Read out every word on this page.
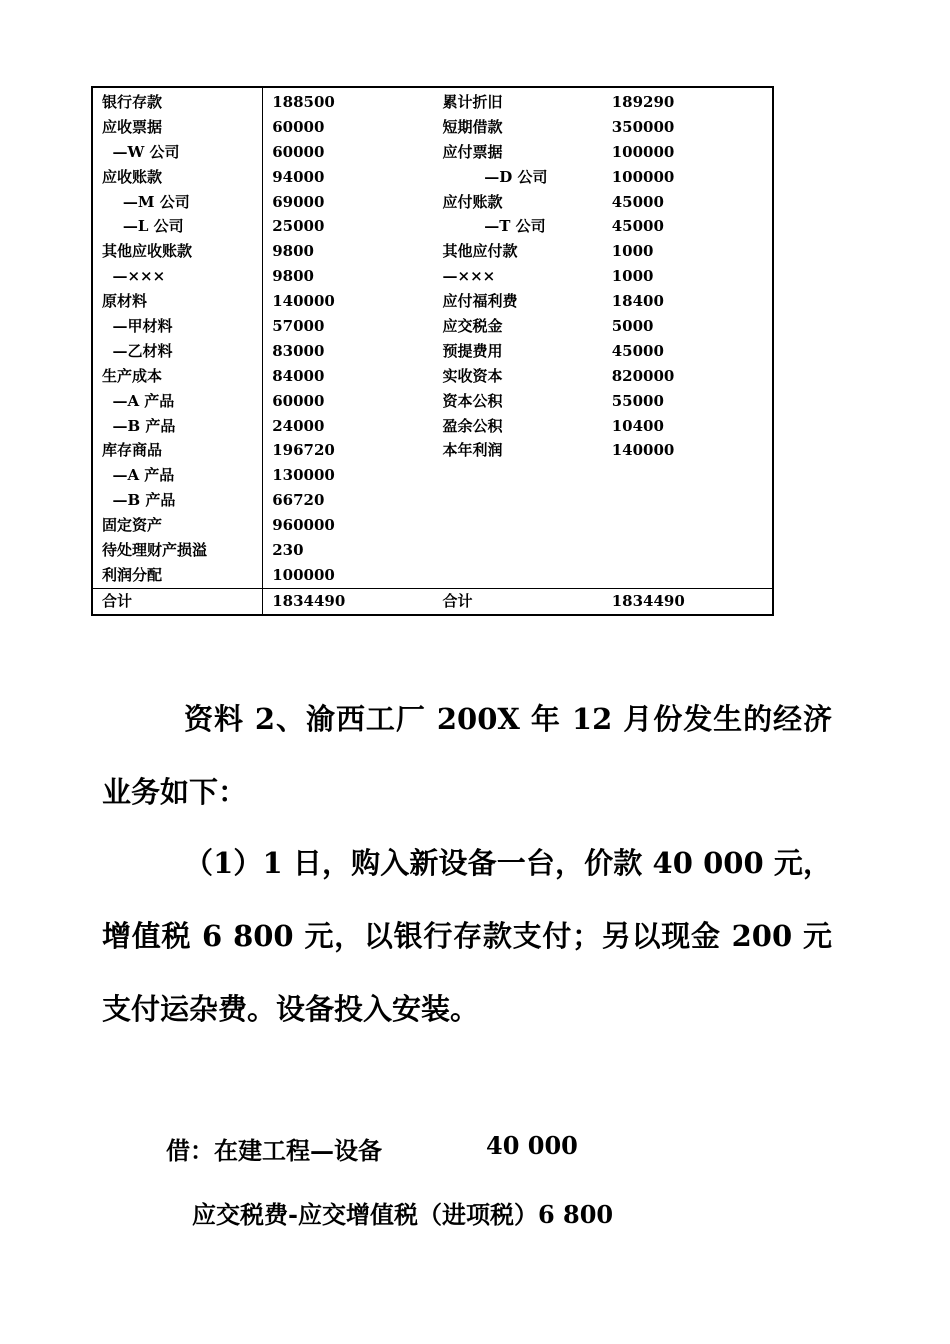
银行存款	188500	累计折旧	189290
应收票据	60000	短期借款	350000
—W 公司	60000	应付票据	100000
应收账款	94000	—D 公司	100000
—M 公司	69000	应付账款	45000
—L 公司	25000	—T 公司	45000
其他应收账款	9800	其他应付款	1000
—×××	9800	—×××	1000
原材料	140000	应付福利费	18400
—甲材料	57000	应交税金	5000
—乙材料	83000	预提费用	45000
生产成本	84000	实收资本	820000
—A 产品	60000	资本公积	55000
—B 产品	24000	盈余公积	10400
库存商品	196720	本年利润	140000
—A 产品	130000		
—B 产品	66720		
固定资产	960000		
待处理财产损溢	230		
利润分配	100000		
合计	1834490	合计	1834490

资料 2、渝西工厂 200X 年 12 月份发生的经济业务如下：

（1）1 日，购入新设备一台，价款 40 000 元，增值税 6 800 元，以银行存款支付；另以现金 200 元支付运杂费。设备投入安装。

借：在建工程—设备	40 000
应交税费-应交增值税（进项税）6 800
